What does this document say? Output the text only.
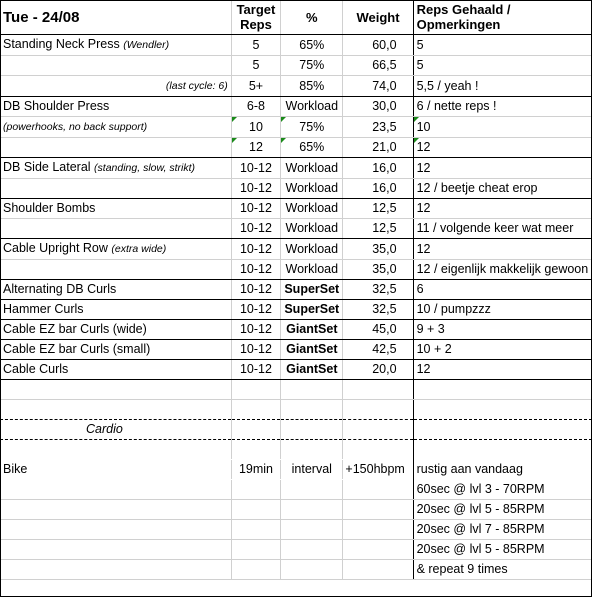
Tue - 24/08	Target Reps	%	Weight	Reps Gehaald / Opmerkingen
Standing Neck Press (Wendler)	5	65%	60,0	5
	5	75%	66,5	5
(last cycle: 6)	5+	85%	74,0	5,5 / yeah !
DB Shoulder Press	6-8	Workload	30,0	6 / nette reps !
(powerhooks, no back support)	10	75%	23,5	10
	12	65%	21,0	12
DB Side Lateral (standing, slow, strikt)	10-12	Workload	16,0	12
	10-12	Workload	16,0	12 / beetje cheat erop
Shoulder Bombs	10-12	Workload	12,5	12
	10-12	Workload	12,5	11 / volgende keer wat meer
Cable Upright Row (extra wide)	10-12	Workload	35,0	12
	10-12	Workload	35,0	12 / eigenlijk makkelijk gewoon
Alternating DB Curls	10-12	SuperSet	32,5	6
Hammer Curls	10-12	SuperSet	32,5	10 / pumpzzz
Cable EZ bar Curls (wide)	10-12	GiantSet	45,0	9 + 3
Cable EZ bar Curls (small)	10-12	GiantSet	42,5	10 + 2
Cable Curls	10-12	GiantSet	20,0	12

Cardio				

Bike	19min	interval	+150hbpm	rustig aan vandaag
				60sec @ lvl 3 - 70RPM
				20sec @ lvl 5 - 85RPM
				20sec @ lvl 7 - 85RPM
				20sec @ lvl 5 - 85RPM
				& repeat 9 times
